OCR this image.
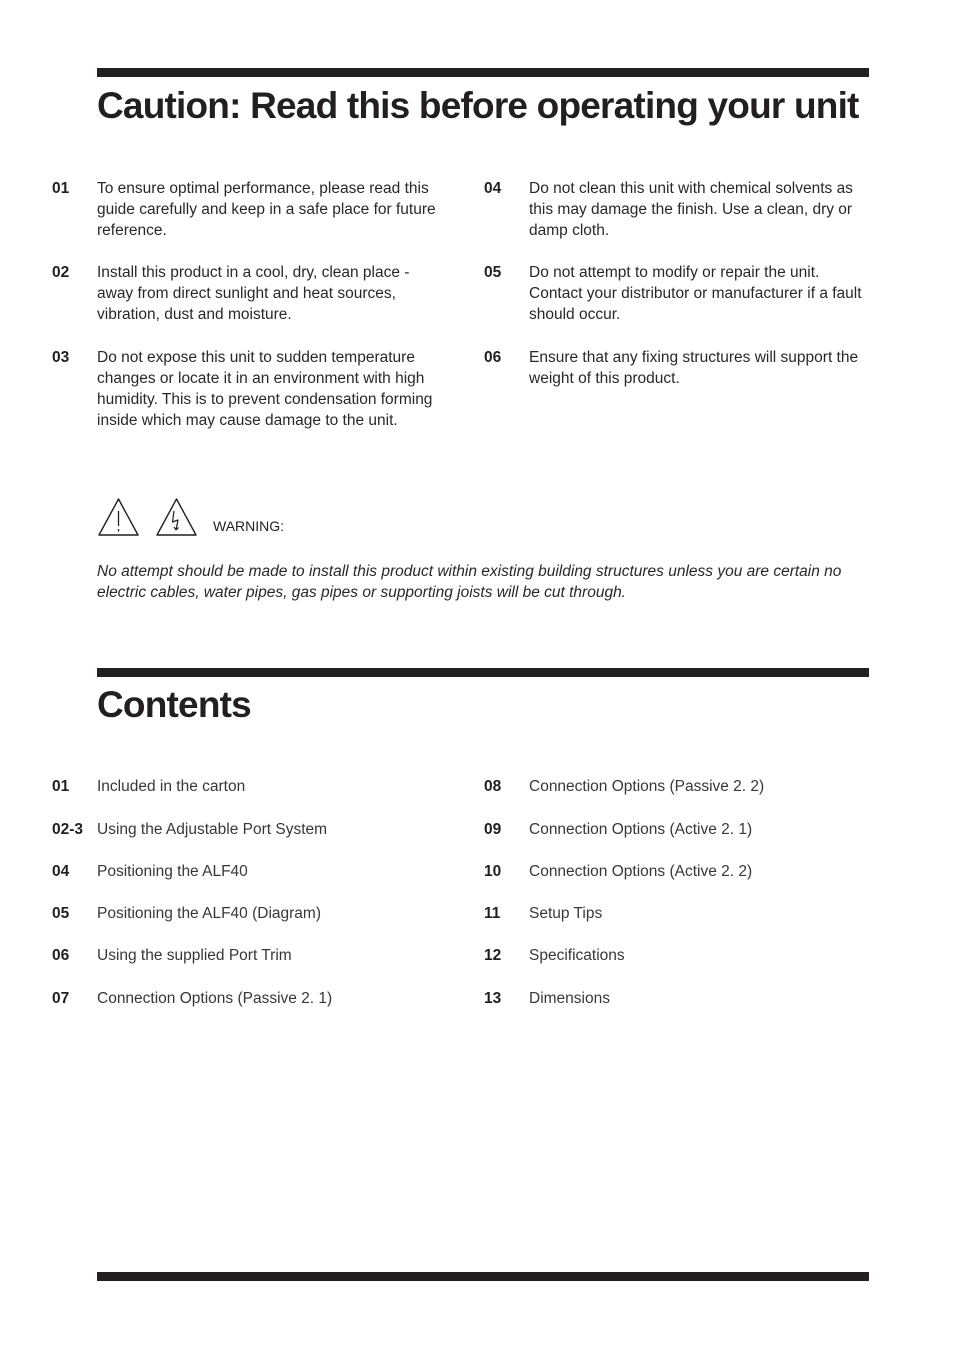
Caution: Read this before operating your unit
01 To ensure optimal performance, please read this guide carefully and keep in a safe place for future reference.
02 Install this product in a cool, dry, clean place - away from direct sunlight and heat sources, vibration, dust and moisture.
03 Do not expose this unit to sudden temperature changes or locate it in an environment with high humidity. This is to prevent condensation forming inside which may cause damage to the unit.
04 Do not clean this unit with chemical solvents as this may damage the finish. Use a clean, dry or damp cloth.
05 Do not attempt to modify or repair the unit. Contact your distributor or manufacturer if a fault should occur.
06 Ensure that any fixing structures will support the weight of this product.
WARNING:
No attempt should be made to install this product within existing building structures unless you are certain no electric cables, water pipes, gas pipes or supporting joists will be cut through.
Contents
01 Included in the carton
02-3 Using the Adjustable Port System
04 Positioning the ALF40
05 Positioning the ALF40 (Diagram)
06 Using the supplied Port Trim
07 Connection Options (Passive 2. 1)
08 Connection Options (Passive 2. 2)
09 Connection Options (Active 2. 1)
10 Connection Options (Active 2. 2)
11 Setup Tips
12 Specifications
13 Dimensions
